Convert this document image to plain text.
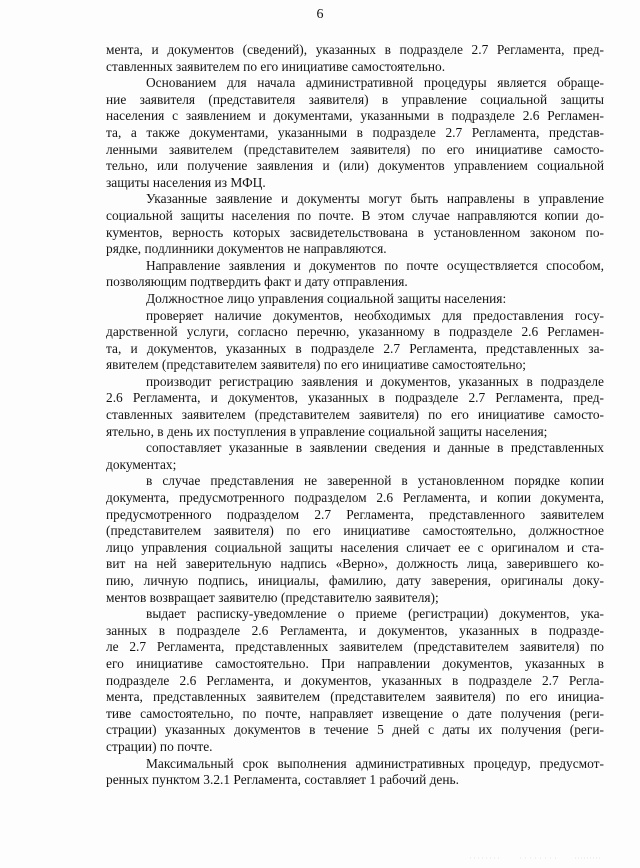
6
мента, и документов (сведений), указанных в подразделе 2.7 Регламента, пред-
ставленных заявителем по его инициативе самостоятельно.
Основанием для начала административной процедуры является обраще-
ние заявителя (представителя заявителя) в управление социальной защиты
населения с заявлением и документами, указанными в подразделе 2.6 Регламен-
та, а также документами, указанными в подразделе 2.7 Регламента, представ-
ленными заявителем (представителем заявителя) по его инициативе самосто-
тельно, или получение заявления и (или) документов управлением социальной
защиты населения из МФЦ.
Указанные заявление и документы могут быть направлены в управление
социальной защиты населения по почте. В этом случае направляются копии до-
кументов, верность которых засвидетельствована в установленном законом по-
рядке, подлинники документов не направляются.
Направление заявления и документов по почте осуществляется способом,
позволяющим подтвердить факт и дату отправления.
Должностное лицо управления социальной защиты населения:
проверяет наличие документов, необходимых для предоставления госу-
дарственной услуги, согласно перечню, указанному в подразделе 2.6 Регламен-
та, и документов, указанных в подразделе 2.7 Регламента, представленных за-
явителем (представителем заявителя) по его инициативе самостоятельно;
производит регистрацию заявления и документов, указанных в подразделе
2.6 Регламента, и документов, указанных в подразделе 2.7 Регламента, пред-
ставленных заявителем (представителем заявителя) по его инициативе самосто-
ятельно, в день их поступления в управление социальной защиты населения;
сопоставляет указанные в заявлении сведения и данные в представленных
документах;
в случае представления не заверенной в установленном порядке копии
документа, предусмотренного подразделом 2.6 Регламента, и копии документа,
предусмотренного подразделом 2.7 Регламента, представленного заявителем
(представителем заявителя) по его инициативе самостоятельно, должностное
лицо управления социальной защиты населения сличает ее с оригиналом и ста-
вит на ней заверительную надпись «Верно», должность лица, заверившего ко-
пию, личную подпись, инициалы, фамилию, дату заверения, оригиналы доку-
ментов возвращает заявителю (представителю заявителя);
выдает расписку-уведомление о приеме (регистрации) документов, ука-
занных в подразделе 2.6 Регламента, и документов, указанных в подразде-
ле 2.7 Регламента, представленных заявителем (представителем заявителя) по
его инициативе самостоятельно. При направлении документов, указанных в
подразделе 2.6 Регламента, и документов, указанных в подразделе 2.7 Регла-
мента, представленных заявителем (представителем заявителя) по его инициа-
тиве самостоятельно, по почте, направляет извещение о дате получения (реги-
страции) указанных документов в течение 5 дней с даты их получения (реги-
страции) по почте.
Максимальный срок выполнения административных процедур, предусмот-
ренных пунктом 3.2.1 Регламента, составляет 1 рабочий день.
